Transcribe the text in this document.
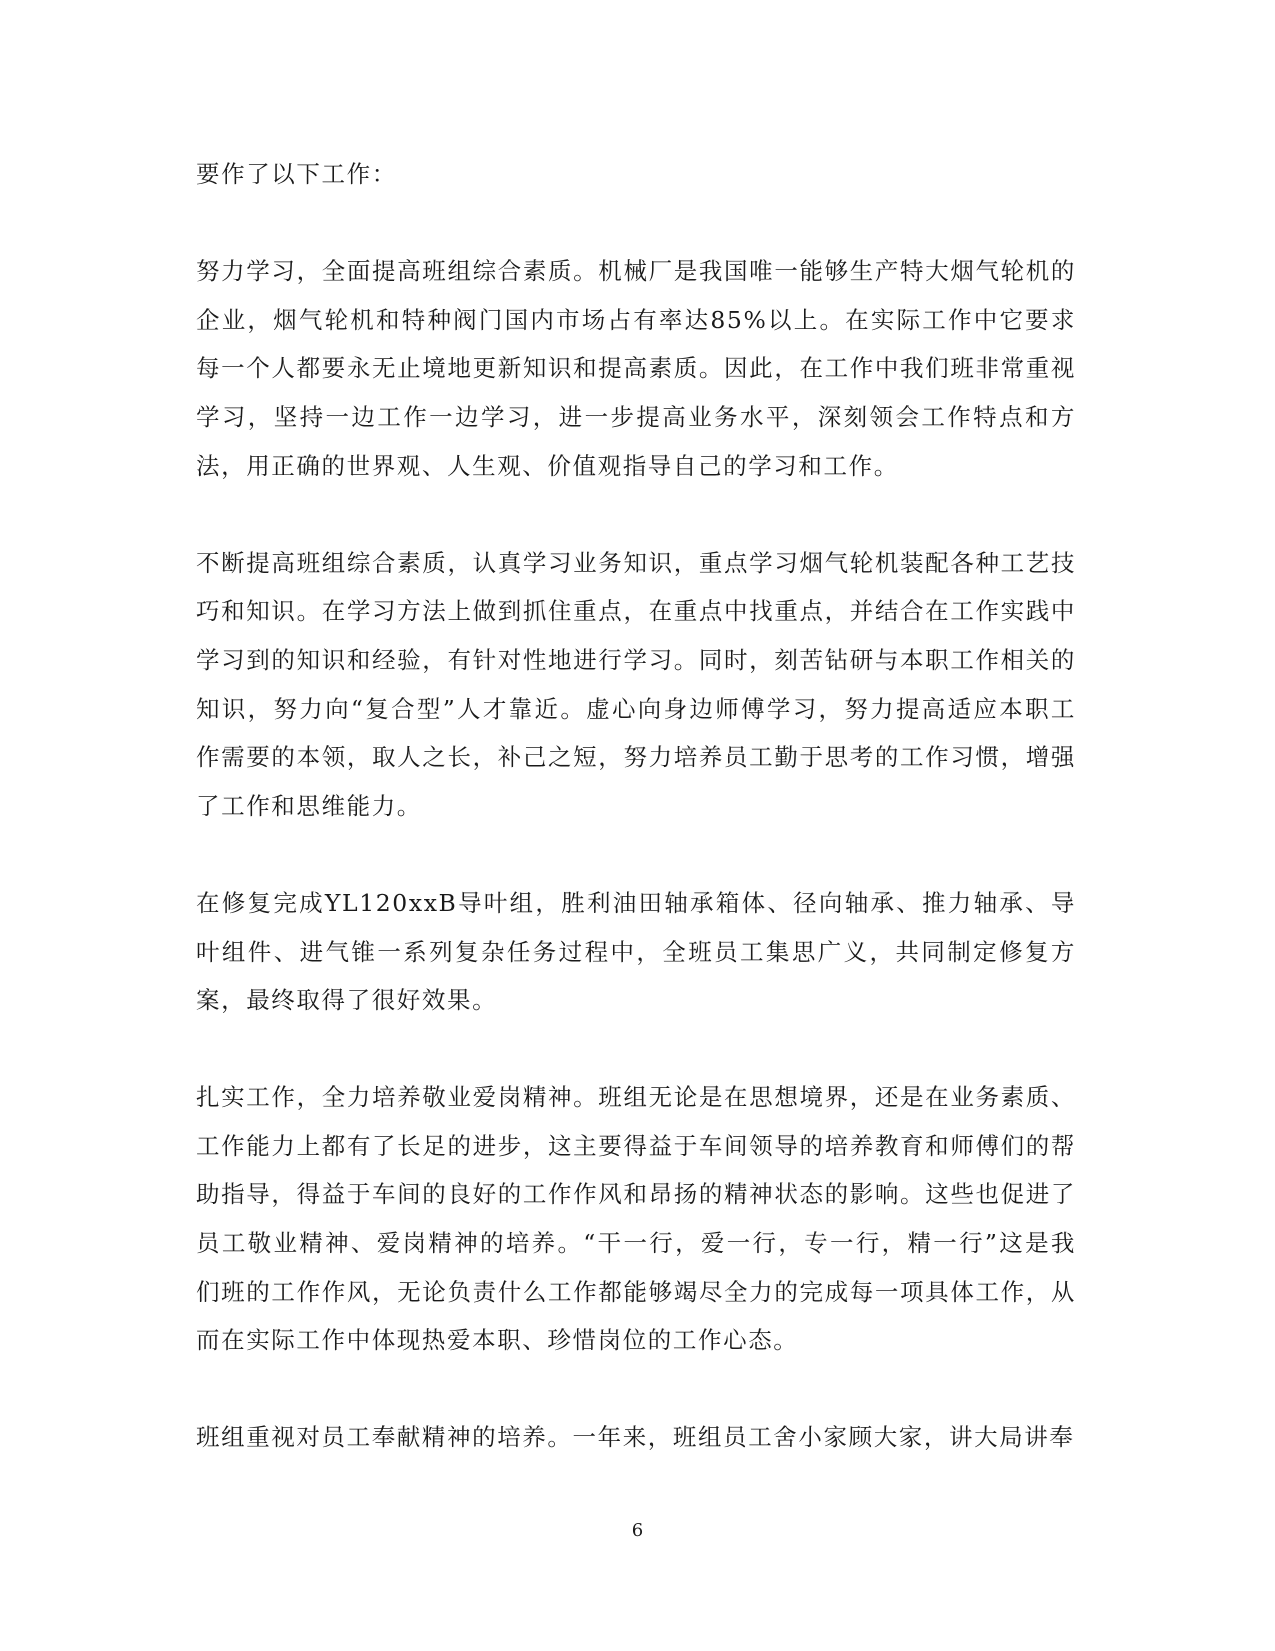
要作了以下工作：

努力学习，全面提高班组综合素质。机械厂是我国唯一能够生产特大烟气轮机的企业，烟气轮机和特种阀门国内市场占有率达85%以上。在实际工作中它要求每一个人都要永无止境地更新知识和提高素质。因此，在工作中我们班非常重视学习，坚持一边工作一边学习，进一步提高业务水平，深刻领会工作特点和方法，用正确的世界观、人生观、价值观指导自己的学习和工作。

不断提高班组综合素质，认真学习业务知识，重点学习烟气轮机装配各种工艺技巧和知识。在学习方法上做到抓住重点，在重点中找重点，并结合在工作实践中学习到的知识和经验，有针对性地进行学习。同时，刻苦钻研与本职工作相关的知识，努力向“复合型”人才靠近。虚心向身边师傅学习，努力提高适应本职工作需要的本领，取人之长，补己之短，努力培养员工勤于思考的工作习惯，增强了工作和思维能力。

在修复完成YL120xxB导叶组，胜利油田轴承箱体、径向轴承、推力轴承、导叶组件、进气锥一系列复杂任务过程中，全班员工集思广义，共同制定修复方案，最终取得了很好效果。

扎实工作，全力培养敬业爱岗精神。班组无论是在思想境界，还是在业务素质、工作能力上都有了长足的进步，这主要得益于车间领导的培养教育和师傅们的帮助指导，得益于车间的良好的工作作风和昂扬的精神状态的影响。这些也促进了员工敬业精神、爱岗精神的培养。“干一行，爱一行，专一行，精一行”这是我们班的工作作风，无论负责什么工作都能够竭尽全力的完成每一项具体工作，从而在实际工作中体现热爱本职、珍惜岗位的工作心态。

班组重视对员工奉献精神的培养。一年来，班组员工舍小家顾大家，讲大局讲奉

6
